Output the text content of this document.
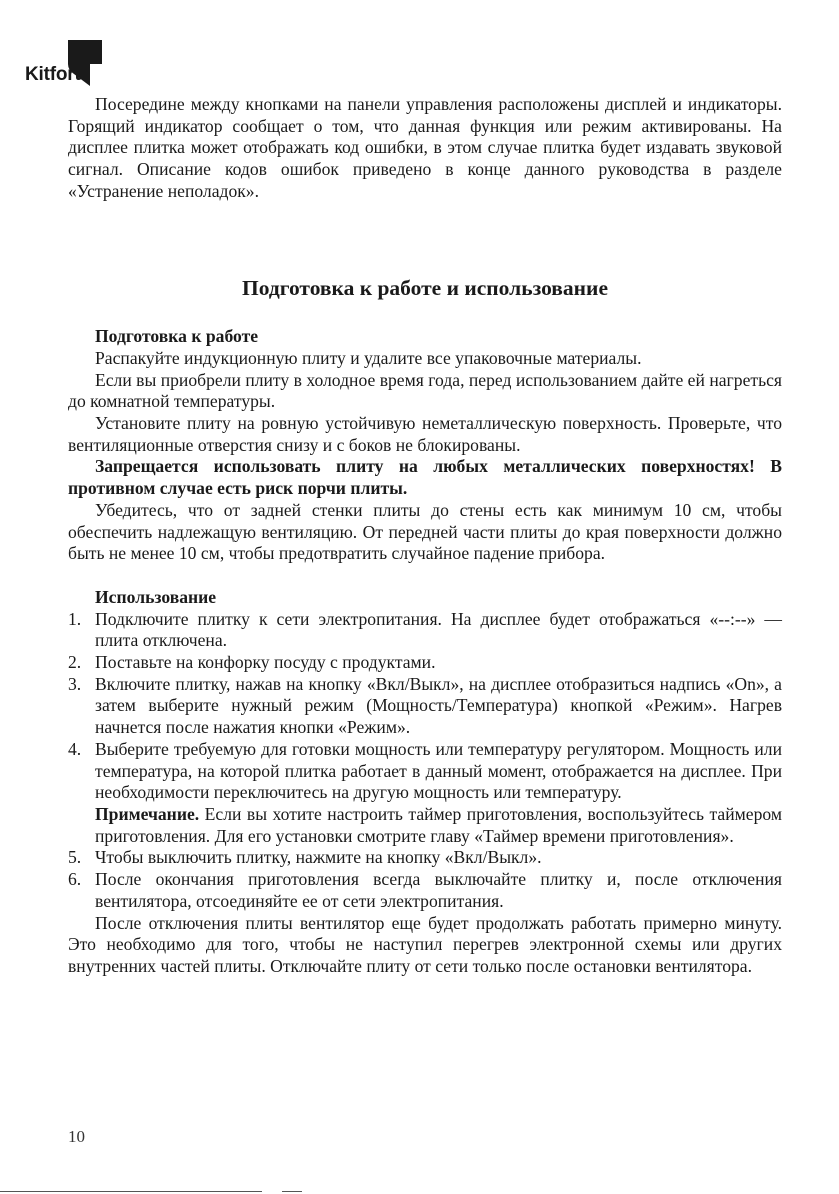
Kitfort

Посередине между кнопками на панели управления расположены дисплей и индикаторы. Горящий индикатор сообщает о том, что данная функция или режим активированы. На дисплее плитка может отображать код ошибки, в этом случае плитка будет издавать звуковой сигнал. Описание кодов ошибок приведено в конце данного руководства в разделе «Устранение неполадок».

Подготовка к работе и использование

Подготовка к работе

Распакуйте индукционную плиту и удалите все упаковочные материалы.

Если вы приобрели плиту в холодное время года, перед использованием дайте ей нагреться до комнатной температуры.

Установите плиту на ровную устойчивую неметаллическую поверхность. Проверьте, что вентиляционные отверстия снизу и с боков не блокированы.

Запрещается использовать плиту на любых металлических поверхностях! В противном случае есть риск порчи плиты.

Убедитесь, что от задней стенки плиты до стены есть как минимум 10 см, чтобы обеспечить надлежащую вентиляцию. От передней части плиты до края поверхности должно быть не менее 10 см, чтобы предотвратить случайное падение прибора.

Использование

1. Подключите плитку к сети электропитания. На дисплее будет отображаться «--:--» — плита отключена.
2. Поставьте на конфорку посуду с продуктами.
3. Включите плитку, нажав на кнопку «Вкл/Выкл», на дисплее отобразиться надпись «On», а затем выберите нужный режим (Мощность/Температура) кнопкой «Режим». Нагрев начнется после нажатия кнопки «Режим».
4. Выберите требуемую для готовки мощность или температуру регулятором. Мощность или температура, на которой плитка работает в данный момент, отображается на дисплее. При необходимости переключитесь на другую мощность или температуру.
Примечание. Если вы хотите настроить таймер приготовления, воспользуйтесь таймером приготовления. Для его установки смотрите главу «Таймер времени приготовления».
5. Чтобы выключить плитку, нажмите на кнопку «Вкл/Выкл».
6. После окончания приготовления всегда выключайте плитку и, после отключения вентилятора, отсоединяйте ее от сети электропитания.

После отключения плиты вентилятор еще будет продолжать работать примерно минуту. Это необходимо для того, чтобы не наступил перегрев электронной схемы или других внутренних частей плиты. Отключайте плиту от сети только после остановки вентилятора.

10
